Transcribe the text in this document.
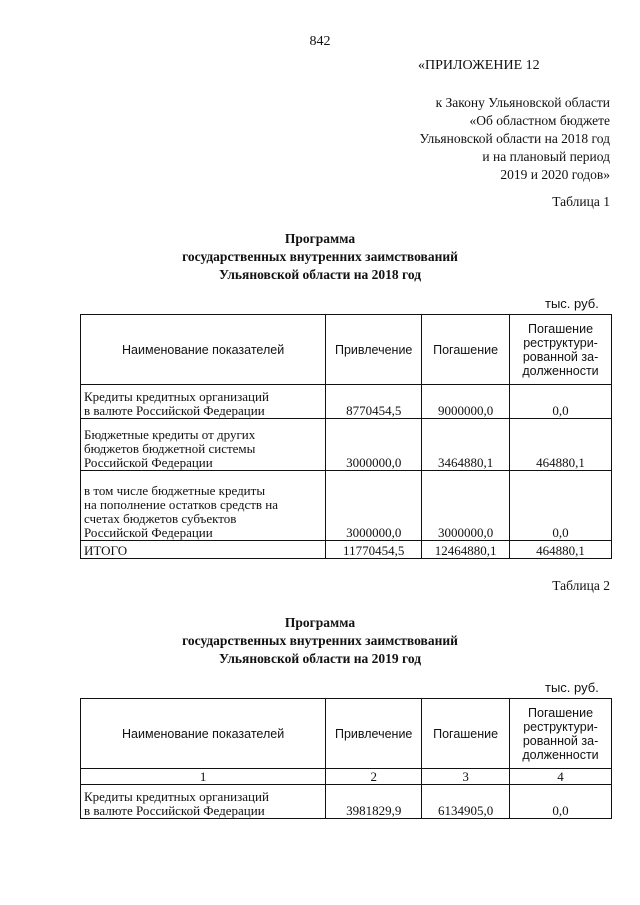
842
«ПРИЛОЖЕНИЕ 12
к Закону Ульяновской области
«Об областном бюджете
Ульяновской области на 2018 год
и на плановый период
2019 и 2020 годов»
Таблица 1
Программа
государственных внутренних заимствований
Ульяновской области на 2018 год
тыс. руб.
Наименование показателей	Привлечение	Погашение	Погашение
реструктури-
рованной за-
долженности

Кредиты кредитных организаций
в валюте Российской Федерации	8770454,5	9000000,0	0,0

Бюджетные кредиты от других
бюджетов бюджетной системы
Российской Федерации	3000000,0	3464880,1	464880,1

в том числе бюджетные кредиты
на пополнение остатков средств на
счетах бюджетов субъектов
Российской Федерации	3000000,0	3000000,0	0,0
ИТОГО	11770454,5	12464880,1	464880,1
Таблица 2
Программа
государственных внутренних заимствований
Ульяновской области на 2019 год
тыс. руб.
Наименование показателей	Привлечение	Погашение	Погашение
реструктури-
рованной за-
долженности

1	2	3	4

Кредиты кредитных организаций
в валюте Российской Федерации	3981829,9	6134905,0	0,0
